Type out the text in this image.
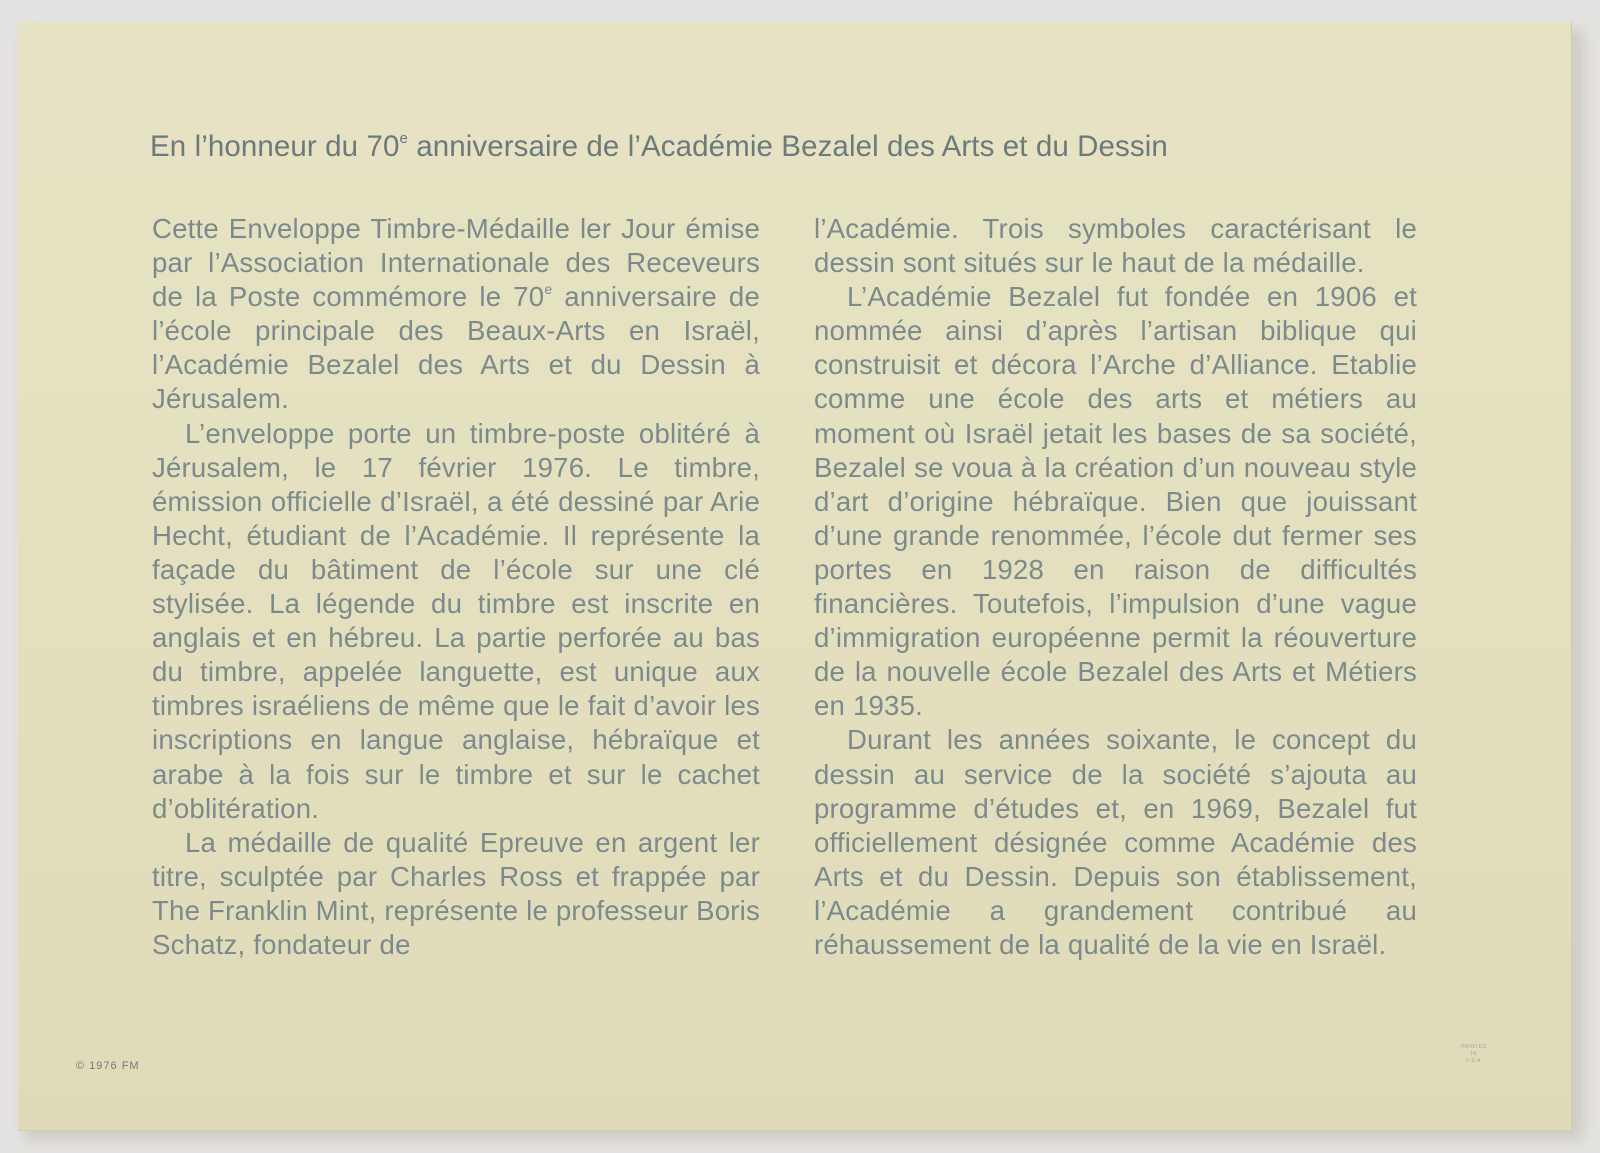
En l’honneur du 70e anniversaire de l’Académie Bezalel des Arts et du Dessin

Cette Enveloppe Timbre-Médaille ler Jour émise par l’Association Internationale des Receveurs de la Poste commémore le 70e anniversaire de l’école principale des Beaux-Arts en Israël, l’Académie Bezalel des Arts et du Dessin à Jérusalem.

L’enveloppe porte un timbre-poste oblitéré à Jérusalem, le 17 février 1976. Le timbre, émission officielle d’Israël, a été dessiné par Arie Hecht, étudiant de l’Académie. Il représente la façade du bâtiment de l’école sur une clé stylisée. La légende du timbre est inscrite en anglais et en hébreu. La partie perforée au bas du timbre, appelée languette, est unique aux timbres israéliens de même que le fait d’avoir les inscriptions en langue anglaise, hébraïque et arabe à la fois sur le timbre et sur le cachet d’oblitération.

La médaille de qualité Epreuve en argent ler titre, sculptée par Charles Ross et frappée par The Franklin Mint, représente le professeur Boris Schatz, fondateur de

l’Académie. Trois symboles caractérisant le dessin sont situés sur le haut de la médaille.

L’Académie Bezalel fut fondée en 1906 et nommée ainsi d’après l’artisan biblique qui construisit et décora l’Arche d’Alliance. Etablie comme une école des arts et métiers au moment où Israël jetait les bases de sa société, Bezalel se voua à la création d’un nouveau style d’art d’origine hébraïque. Bien que jouissant d’une grande renommée, l’école dut fermer ses portes en 1928 en raison de difficultés financières. Toutefois, l’impulsion d’une vague d’immigration européenne permit la réouverture de la nouvelle école Bezalel des Arts et Métiers en 1935.

Durant les années soixante, le concept du dessin au service de la société s’ajouta au programme d’études et, en 1969, Bezalel fut officiellement désignée comme Académie des Arts et du Dessin. Depuis son établissement, l’Académie a grandement contribué au réhaussement de la qualité de la vie en Israël.

© 1976 FM
PRINTED
IN
U.S.A.
